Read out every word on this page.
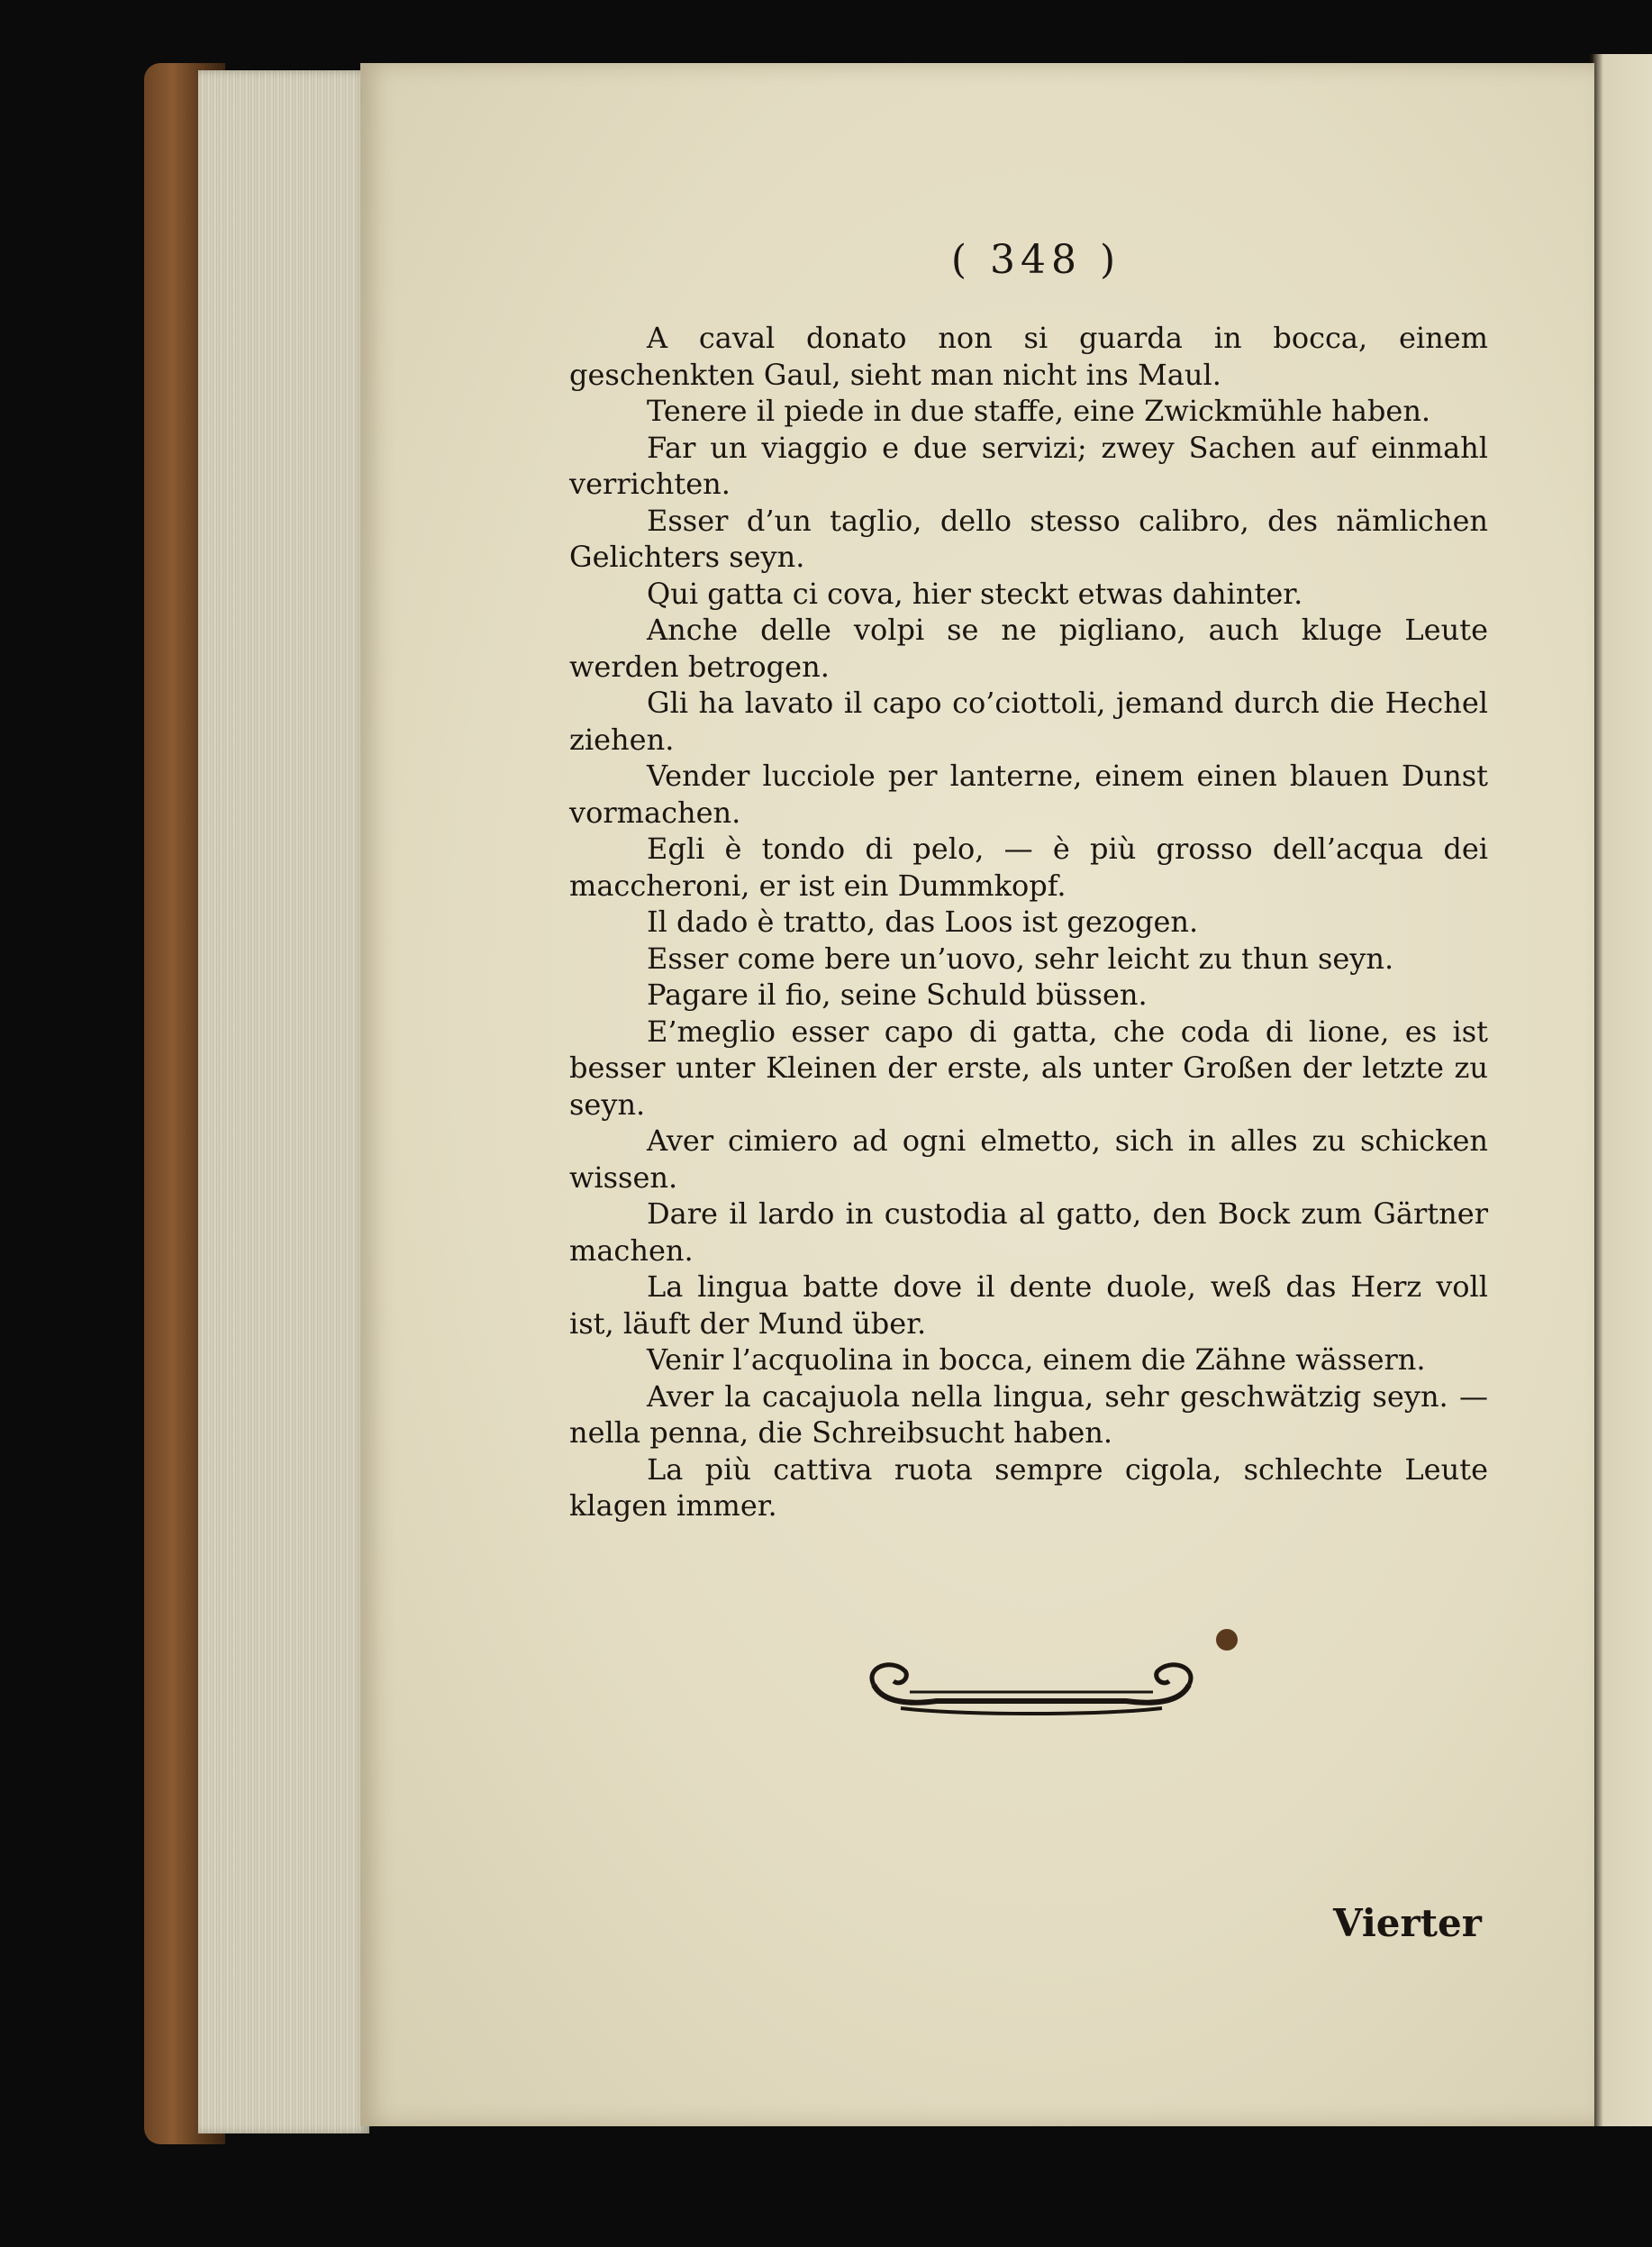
( 348 )

A caval donato non si guarda in bocca, einem geschenkten Gaul, sieht man nicht ins Maul.

Tenere il piede in due staffe, eine Zwickmühle haben.

Far un viaggio e due servizi; zwey Sachen auf einmahl verrichten.

Esser d’un taglio, dello stesso calibro, des nämlichen Gelichters seyn.

Qui gatta ci cova, hier steckt etwas dahinter.

Anche delle volpi se ne pigliano, auch kluge Leute werden betrogen.

Gli ha lavato il capo co’ciottoli, jemand durch die Hechel ziehen.

Vender lucciole per lanterne, einem einen blauen Dunst vormachen.

Egli è tondo di pelo, — è più grosso dell’acqua dei maccheroni, er ist ein Dummkopf.

Il dado è tratto, das Loos ist gezogen.

Esser come bere un’uovo, sehr leicht zu thun seyn.

Pagare il fio, seine Schuld büssen.

E’meglio esser capo di gatta, che coda di lione, es ist besser unter Kleinen der erste, als unter Großen der letzte zu seyn.

Aver cimiero ad ogni elmetto, sich in alles zu schicken wissen.

Dare il lardo in custodia al gatto, den Bock zum Gärtner machen.

La lingua batte dove il dente duole, weß das Herz voll ist, läuft der Mund über.

Venir l’acquolina in bocca, einem die Zähne wässern.

Aver la cacajuola nella lingua, sehr geschwätzig seyn. — nella penna, die Schreibsucht haben.

La più cattiva ruota sempre cigola, schlechte Leute klagen immer.

Vierter
